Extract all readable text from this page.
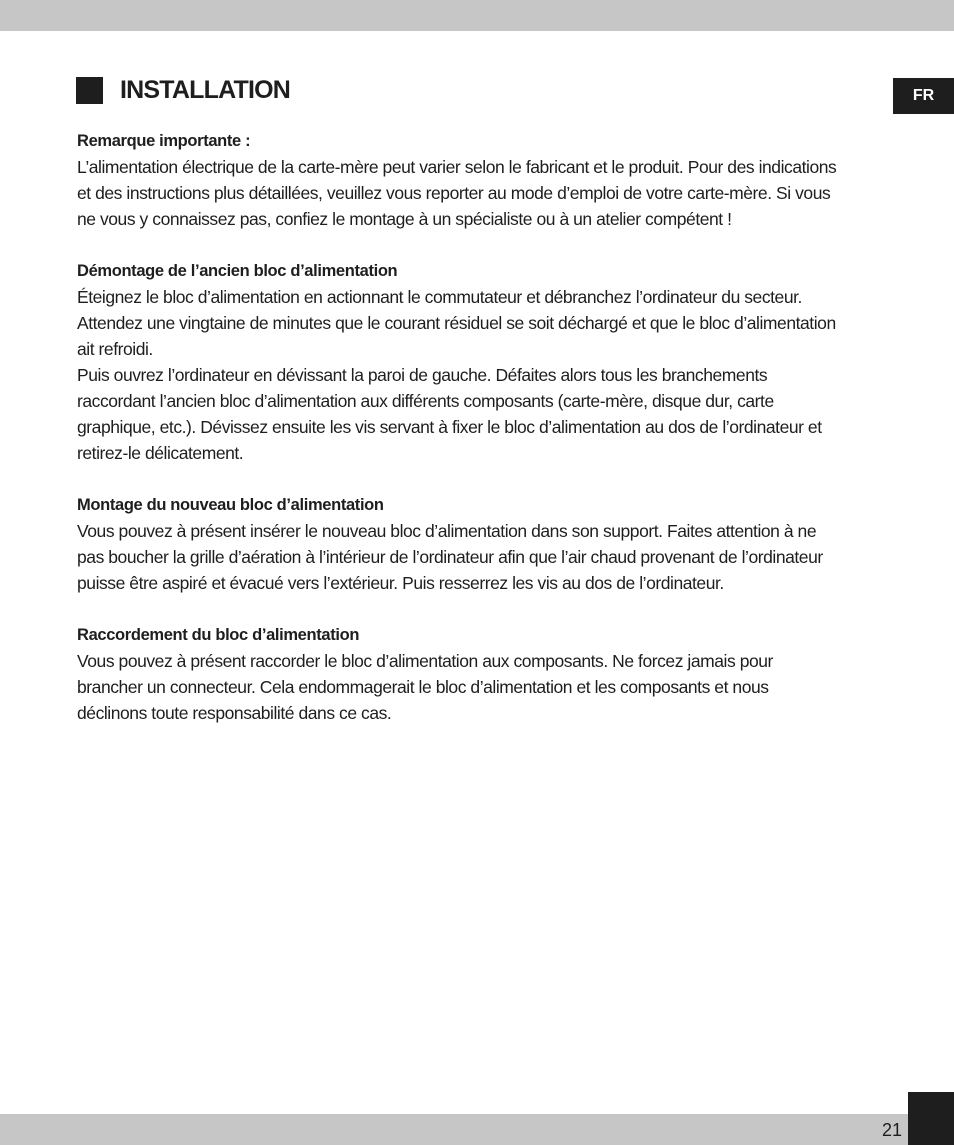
FR
INSTALLATION
Remarque importante :

L’alimentation électrique de la carte-mère peut varier selon le fabricant et le produit. Pour des indications et des instructions plus détaillées, veuillez vous reporter au mode d’emploi de votre carte-mère. Si vous ne vous y connaissez pas, confiez le montage à un spécialiste ou à un atelier compétent !

Démontage de l’ancien bloc d’alimentation

Éteignez le bloc d’alimentation en actionnant le commutateur et débranchez l’ordinateur du secteur. Attendez une vingtaine de minutes que le courant résiduel se soit déchargé et que le bloc d’alimentation ait refroidi.

Puis ouvrez l’ordinateur en dévissant la paroi de gauche. Défaites alors tous les branchements raccordant l’ancien bloc d’alimentation aux différents composants (carte-mère, disque dur, carte graphique, etc.). Dévissez ensuite les vis servant à fixer le bloc d’alimentation au dos de l’ordinateur et retirez-le délicatement.

Montage du nouveau bloc d’alimentation

Vous pouvez à présent insérer le nouveau bloc d’alimentation dans son support. Faites attention à ne pas boucher la grille d’aération à l’intérieur de l’ordinateur afin que l’air chaud provenant de l’ordinateur puisse être aspiré et évacué vers l’extérieur. Puis resserrez les vis au dos de l’ordinateur.

Raccordement du bloc d’alimentation

Vous pouvez à présent raccorder le bloc d’alimentation aux composants. Ne forcez jamais pour brancher un connecteur. Cela endommagerait le bloc d’alimentation et les composants et nous déclinons toute responsabilité dans ce cas.

21
